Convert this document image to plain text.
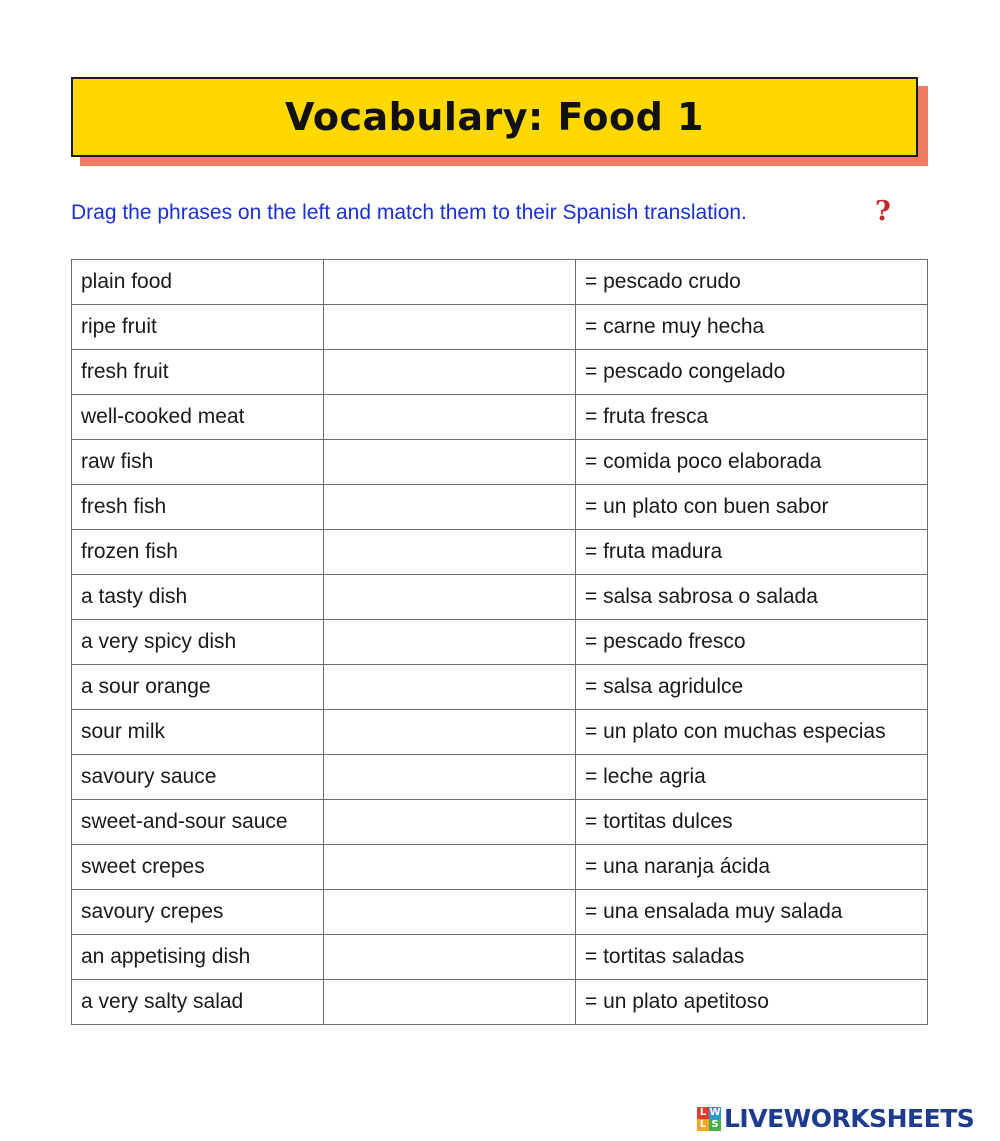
Vocabulary: Food 1
Drag the phrases on the left and match them to their Spanish translation.	?
plain food		= pescado crudo
ripe fruit		= carne muy hecha
fresh fruit		= pescado congelado
well-cooked meat		= fruta fresca
raw fish		= comida poco elaborada
fresh fish		= un plato con buen sabor
frozen fish		= fruta madura
a tasty dish		= salsa sabrosa o salada
a very spicy dish		= pescado fresco
a sour orange		= salsa agridulce
sour milk		= un plato con muchas especias
savoury sauce		= leche agria
sweet-and-sour sauce		= tortitas dulces
sweet crepes		= una naranja ácida
savoury crepes		= una ensalada muy salada
an appetising dish		= tortitas saladas
a very salty salad		= un plato apetitoso
L W
L S LIVEWORKSHEETS
